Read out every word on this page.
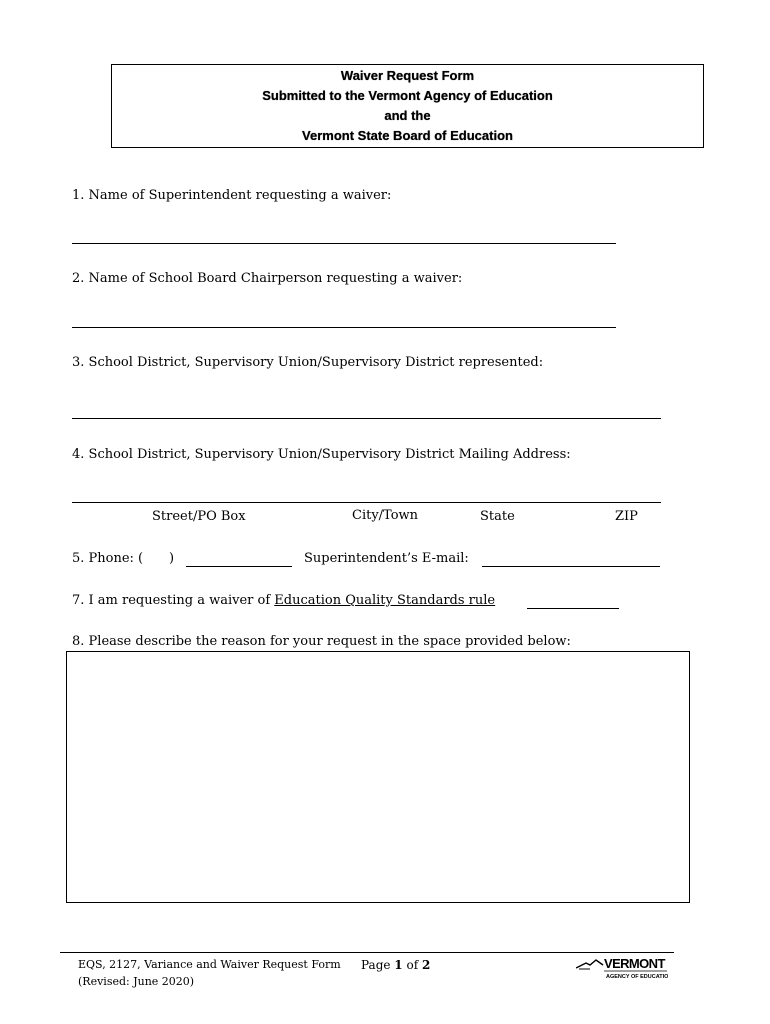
Waiver Request Form
Submitted to the Vermont Agency of Education
and the
Vermont State Board of Education
1. Name of Superintendent requesting a waiver:
2. Name of School Board Chairperson requesting a waiver:
3. School District, Supervisory Union/Supervisory District represented:
4. School District, Supervisory Union/Supervisory District Mailing Address:
Street/PO Box	City/Town	State	ZIP
5. Phone: ( )	Superintendent’s E-mail:
7. I am requesting a waiver of Education Quality Standards rule
8. Please describe the reason for your request in the space provided below:
EQS, 2127, Variance and Waiver Request Form
(Revised: June 2020)
Page 1 of 2	VERMONT
AGENCY OF EDUCATION
